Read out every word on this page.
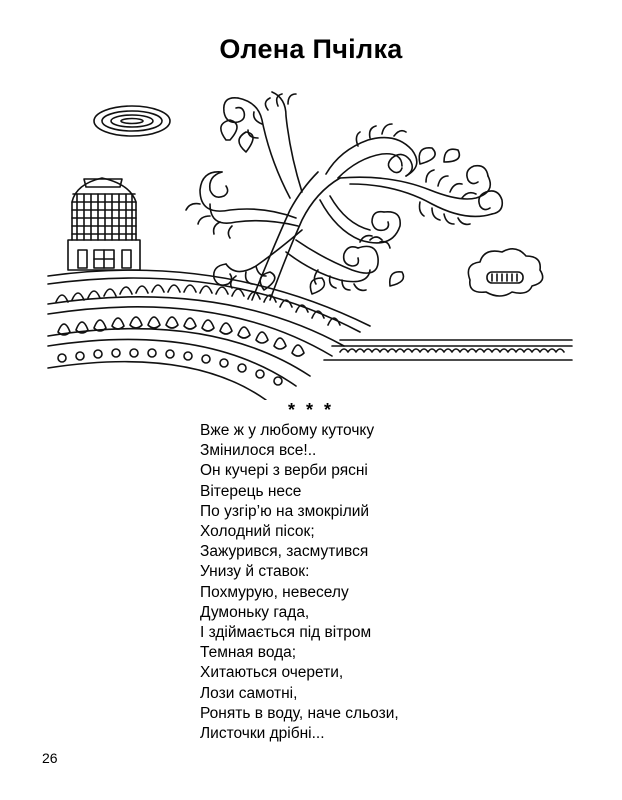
Олена Пчілка
* * *
Вже ж у любому куточку
Змінилося все!..
Он кучері з верби рясні
Вітерець несе
По узгір’ю на змокрілий
Холодний пісок;
Зажурився, засмутився
Унизу й ставок:
Похмурую, невеселу
Думоньку гада,
І здіймається під вітром
Темная вода;
Хитаються очерети,
Лози самотні,
Ронять в воду, наче сльози,
Листочки дрібні...
26
